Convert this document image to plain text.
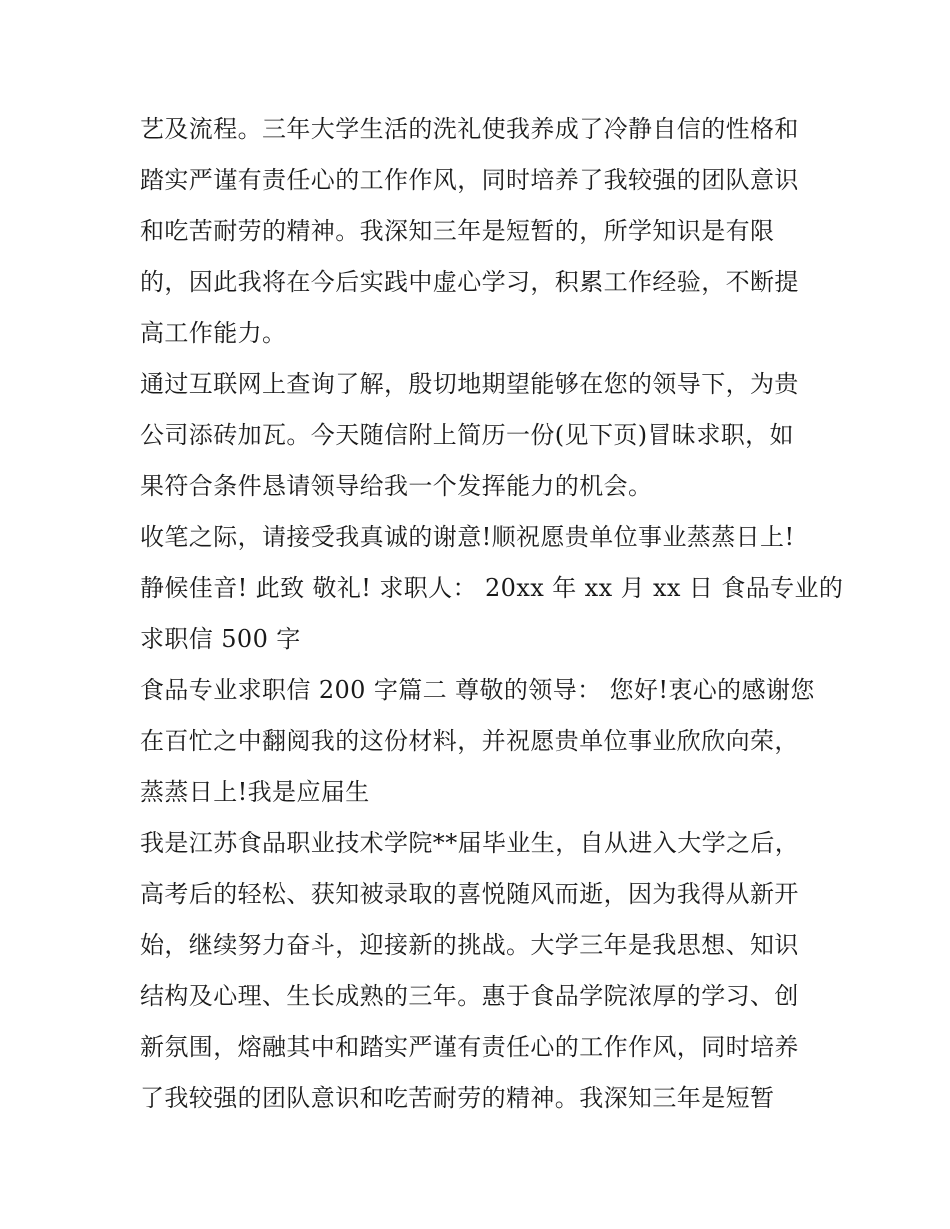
艺及流程。三年大学生活的洗礼使我养成了冷静自信的性格和
踏实严谨有责任心的工作作风，同时培养了我较强的团队意识
和吃苦耐劳的精神。我深知三年是短暂的，所学知识是有限
的，因此我将在今后实践中虚心学习，积累工作经验，不断提
高工作能力。
通过互联网上查询了解，殷切地期望能够在您的领导下，为贵
公司添砖加瓦。今天随信附上简历一份(见下页)冒昧求职，如
果符合条件恳请领导给我一个发挥能力的机会。
收笔之际，请接受我真诚的谢意!顺祝愿贵单位事业蒸蒸日上!
静候佳音! 此致 敬礼! 求职人： 20xx 年 xx 月 xx 日 食品专业的
求职信 500 字
食品专业求职信 200 字篇二 尊敬的领导： 您好!衷心的感谢您
在百忙之中翻阅我的这份材料，并祝愿贵单位事业欣欣向荣，
蒸蒸日上!我是应届生
我是江苏食品职业技术学院**届毕业生，自从进入大学之后，
高考后的轻松、获知被录取的喜悦随风而逝，因为我得从新开
始，继续努力奋斗，迎接新的挑战。大学三年是我思想、知识
结构及心理、生长成熟的三年。惠于食品学院浓厚的学习、创
新氛围，熔融其中和踏实严谨有责任心的工作作风，同时培养
了我较强的团队意识和吃苦耐劳的精神。我深知三年是短暂
